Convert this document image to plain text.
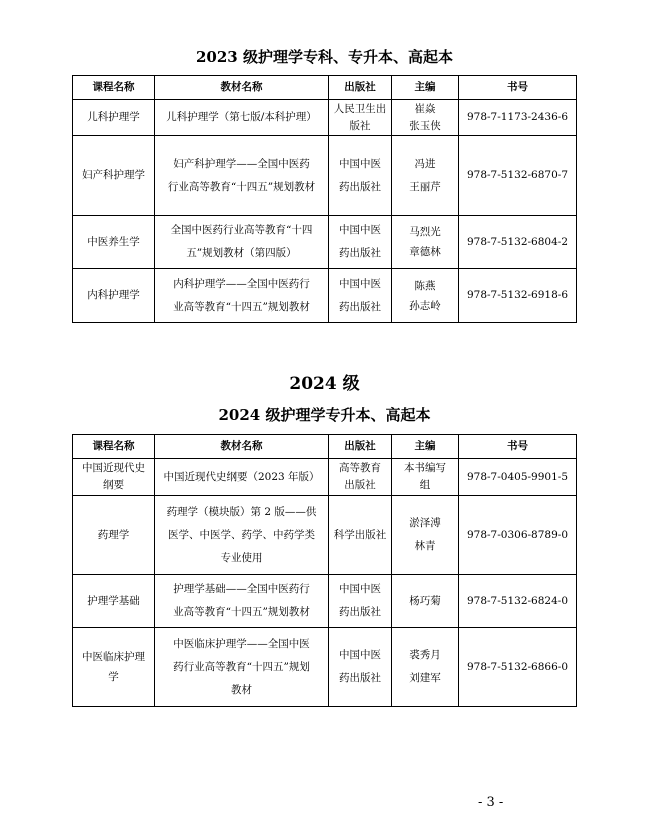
2023 级护理学专科、专升本、高起本
课程名称	教材名称	出版社	主编	书号
儿科护理学	儿科护理学（第七版/本科护理）	人民卫生出
版社	崔焱
张玉侠	978-7-1173-2436-6
妇产科护理学	妇产科护理学——全国中医药
行业高等教育“十四五”规划教材	中国中医
药出版社	冯进
王丽芹	978-7-5132-6870-7
中医养生学	全国中医药行业高等教育“十四
五”规划教材（第四版）	中国中医
药出版社	马烈光
章德林	978-7-5132-6804-2
内科护理学	内科护理学——全国中医药行
业高等教育“十四五”规划教材	中国中医
药出版社	陈燕
孙志岭	978-7-5132-6918-6
2024 级
2024 级护理学专升本、高起本
课程名称	教材名称	出版社	主编	书号

中国近现代史
纲要	中国近现代史纲要（2023 年版）	高等教育
出版社	本书编写
组	978-7-0405-9901-5

药理学	药理学（模块版）第 2 版——供
医学、中医学、药学、中药学类
专业使用	科学出版社	淤泽溥
林青	978-7-0306-8789-0

护理学基础	护理学基础——全国中医药行
业高等教育“十四五”规划教材	中国中医
药出版社	杨巧菊	978-7-5132-6824-0

中医临床护理
学	中医临床护理学——全国中医
药行业高等教育“十四五”规划
教材	中国中医
药出版社	裘秀月
刘建军	978-7-5132-6866-0
- 3 -
